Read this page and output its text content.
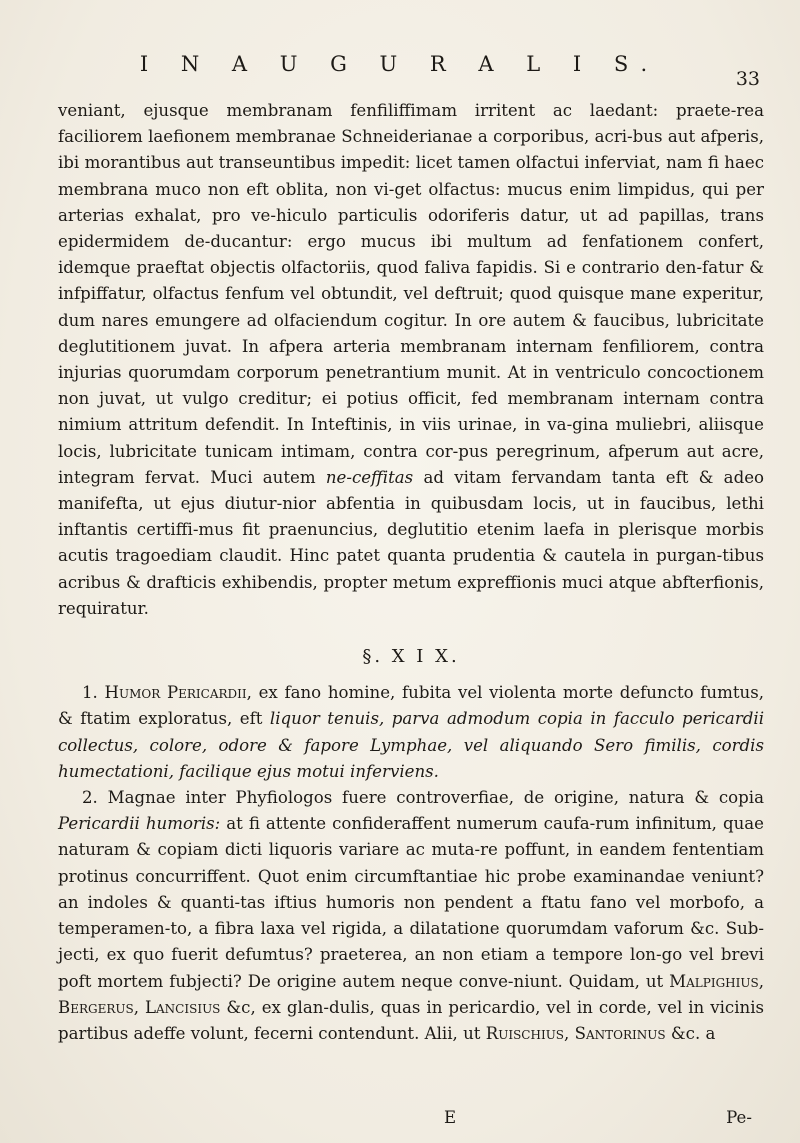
I N A U G U R A L I S.
33

veniant, ejusque membranam fenfiliffimam irritent ac laedant: praete-rea faciliorem laefionem membranae Schneiderianae a corporibus, acri-bus aut afperis, ibi morantibus aut transeuntibus impedit: licet tamen olfactui inferviat, nam fi haec membrana muco non eft oblita, non vi-get olfactus: mucus enim limpidus, qui per arterias exhalat, pro ve-hiculo particulis odoriferis datur, ut ad papillas, trans epidermidem de-ducantur: ergo mucus ibi multum ad fenfationem confert, idemque praeftat objectis olfactoriis, quod faliva fapidis. Si e contrario den-fatur & infpiffatur, olfactus fenfum vel obtundit, vel deftruit; quod quisque mane experitur, dum nares emungere ad olfaciendum cogitur. In ore autem & faucibus, lubricitate deglutitionem juvat. In afpera arteria membranam internam fenfiliorem, contra injurias quorumdam corporum penetrantium munit. At in ventriculo concoctionem non juvat, ut vulgo creditur; ei potius officit, fed membranam internam contra nimium attritum defendit. In Inteftinis, in viis urinae, in va-gina muliebri, aliisque locis, lubricitate tunicam intimam, contra cor-pus peregrinum, afperum aut acre, integram fervat. Muci autem ne-ceffitas ad vitam fervandam tanta eft & adeo manifefta, ut ejus diutur-nior abfentia in quibusdam locis, ut in faucibus, lethi inftantis certiffi-mus fit praenuncius, deglutitio etenim laefa in plerisque morbis acutis tragoediam claudit. Hinc patet quanta prudentia & cautela in purgan-tibus acribus & drafticis exhibendis, propter metum expreffionis muci atque abfterfionis, requiratur.

§. X I X.

1. Humor Pericardii, ex fano homine, fubita vel violenta morte defuncto fumtus, & ftatim exploratus, eft liquor tenuis, parva admodum copia in facculo pericardii collectus, colore, odore & fapore Lymphae, vel aliquando Sero fimilis, cordis humectationi, facilique ejus motui inferviens.

2. Magnae inter Phyfiologos fuere controverfiae, de origine, natura & copia Pericardii humoris: at fi attente confideraffent numerum caufa-rum infinitum, quae naturam & copiam dicti liquoris variare ac muta-re poffunt, in eandem fententiam protinus concurriffent. Quot enim circumftantiae hic probe examinandae veniunt? an indoles & quanti-tas iftius humoris non pendent a ftatu fano vel morbofo, a temperamen-to, a fibra laxa vel rigida, a dilatatione quorumdam vaforum &c. Sub-jecti, ex quo fuerit defumtus? praeterea, an non etiam a tempore lon-go vel brevi poft mortem fubjecti? De origine autem neque conve-niunt. Quidam, ut Malpighius, Bergerus, Lancisius &c, ex glan-dulis, quas in pericardio, vel in corde, vel in vicinis partibus adeffe volunt, fecerni contendunt. Alii, ut Ruischius, Santorinus &c. a

E	Pe-
